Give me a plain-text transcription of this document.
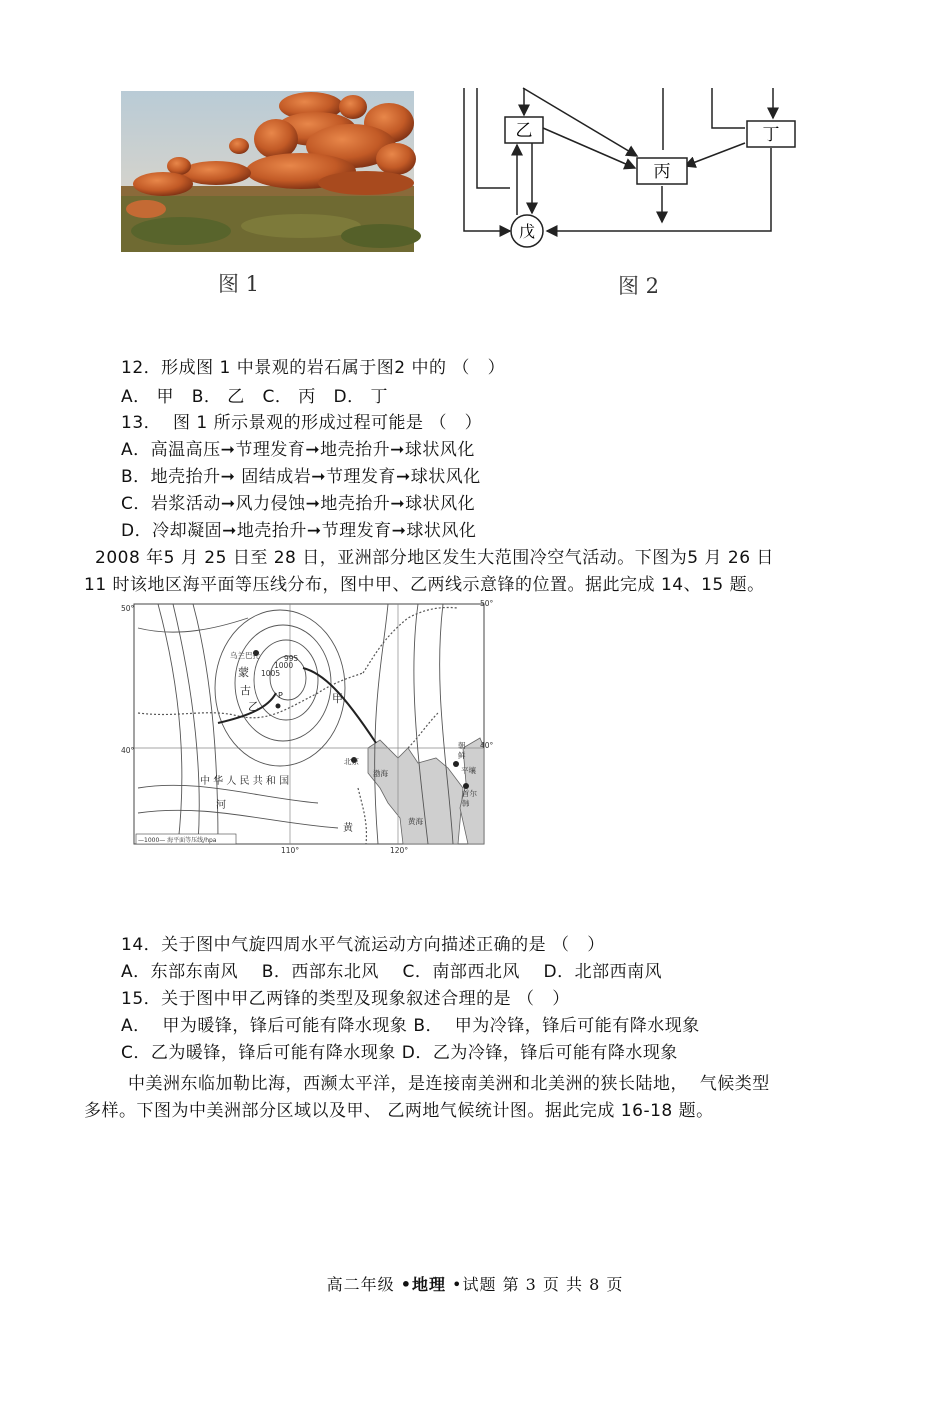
乙
丙
丁
戊
图 1	图 2
12．形成图 1 中景观的岩石属于图2 中的 （   ）
A． 甲   B． 乙   C． 丙   D． 丁
13．  图 1 所示景观的形成过程可能是 （   ）
A．高温高压➞节理发育➞地壳抬升➞球状风化
B．地壳抬升➞ 固结成岩➞节理发育➞球状风化
C．岩浆活动➞风力侵蚀➞地壳抬升➞球状风化
D．冷却凝固➞地壳抬升➞节理发育➞球状风化
2008 年5 月 25 日至 28 日，亚洲部分地区发生大范围冷空气活动。下图为5 月 26 日
11 时该地区海平面等压线分布，图中甲、乙两线示意锋的位置。据此完成 14、15 题。
50°
50°
40°
40°
110°	120°
乌兰巴托
1005
1000
995
北京
渤海
黄海
朝
鲜
平壤
首尔
韩
—1000— 海平面等压线/hpa
蒙
古
甲
乙
P
中 华 人 民 共 和 国
河
黄
14．关于图中气旋四周水平气流运动方向描述正确的是 （   ）
A．东部东南风    B．西部东北风    C．南部西北风    D．北部西南风
15．关于图中甲乙两锋的类型及现象叙述合理的是 （   ）
A．  甲为暖锋，锋后可能有降水现象 B．  甲为冷锋，锋后可能有降水现象
C．乙为暖锋，锋后可能有降水现象 D．乙为冷锋，锋后可能有降水现象
中美洲东临加勒比海，西濒太平洋，是连接南美洲和北美洲的狭长陆地，  气候类型
多样。下图为中美洲部分区域以及甲、 乙两地气候统计图。据此完成 16-18 题。
高二年级 •地理 •试题 第 3 页 共 8 页
